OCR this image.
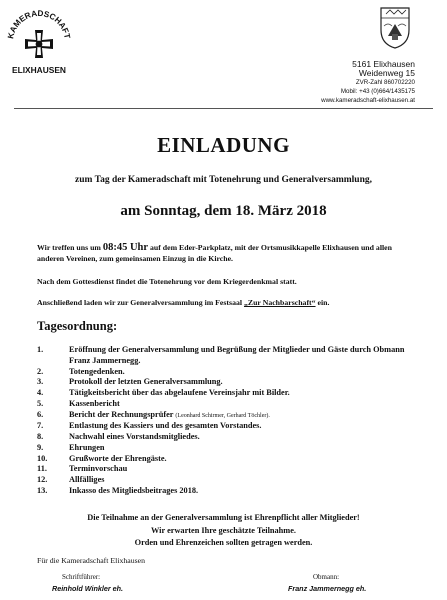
KAMERADSCHAFT
ELIXHAUSEN
5161 Elixhausen
Weidenweg 15
ZVR-Zahl 860702220
Mobil: +43 (0)664/1435175
www.kameradschaft-elixhausen.at
EINLADUNG
zum Tag der Kameradschaft mit Totenehrung und Generalversammlung,
am Sonntag, dem 18. März 2018
Wir treffen uns um 08:45 Uhr auf dem Eder-Parkplatz, mit der Ortsmusikkapelle Elixhausen und allen anderen Vereinen, zum gemeinsamen Einzug in die Kirche.
Nach dem Gottesdienst findet die Totenehrung vor dem Kriegerdenkmal statt.
Anschließend laden wir zur Generalversammlung im Festsaal „Zur Nachbarschaft“ ein.
Tagesordnung:
1.	Eröffnung der Generalversammlung und Begrüßung der Mitglieder und Gäste durch Obmann Franz Jammernegg.
2.	Totengedenken.
3.	Protokoll der letzten Generalversammlung.
4.	Tätigkeitsbericht über das abgelaufene Vereinsjahr mit Bilder.
5.	Kassenbericht
6.	Bericht der Rechnungsprüfer (Leonhard Schirmer, Gerhard Töchler).
7.	Entlastung des Kassiers und des gesamten Vorstandes.
8.	Nachwahl eines Vorstandsmitgliedes.
9.	Ehrungen
10.	Grußworte der Ehrengäste.
11.	Terminvorschau
12.	Allfälliges
13.	Inkasso des Mitgliedsbeitrages 2018.
Die Teilnahme an der Generalversammlung ist Ehrenpflicht aller Mitglieder!
Wir erwarten Ihre geschätzte Teilnahme.
Orden und Ehrenzeichen sollten getragen werden.
Für die Kameradschaft Elixhausen
Schriftführer:
Reinhold Winkler eh.
Obmann:
Franz Jammernegg eh.
